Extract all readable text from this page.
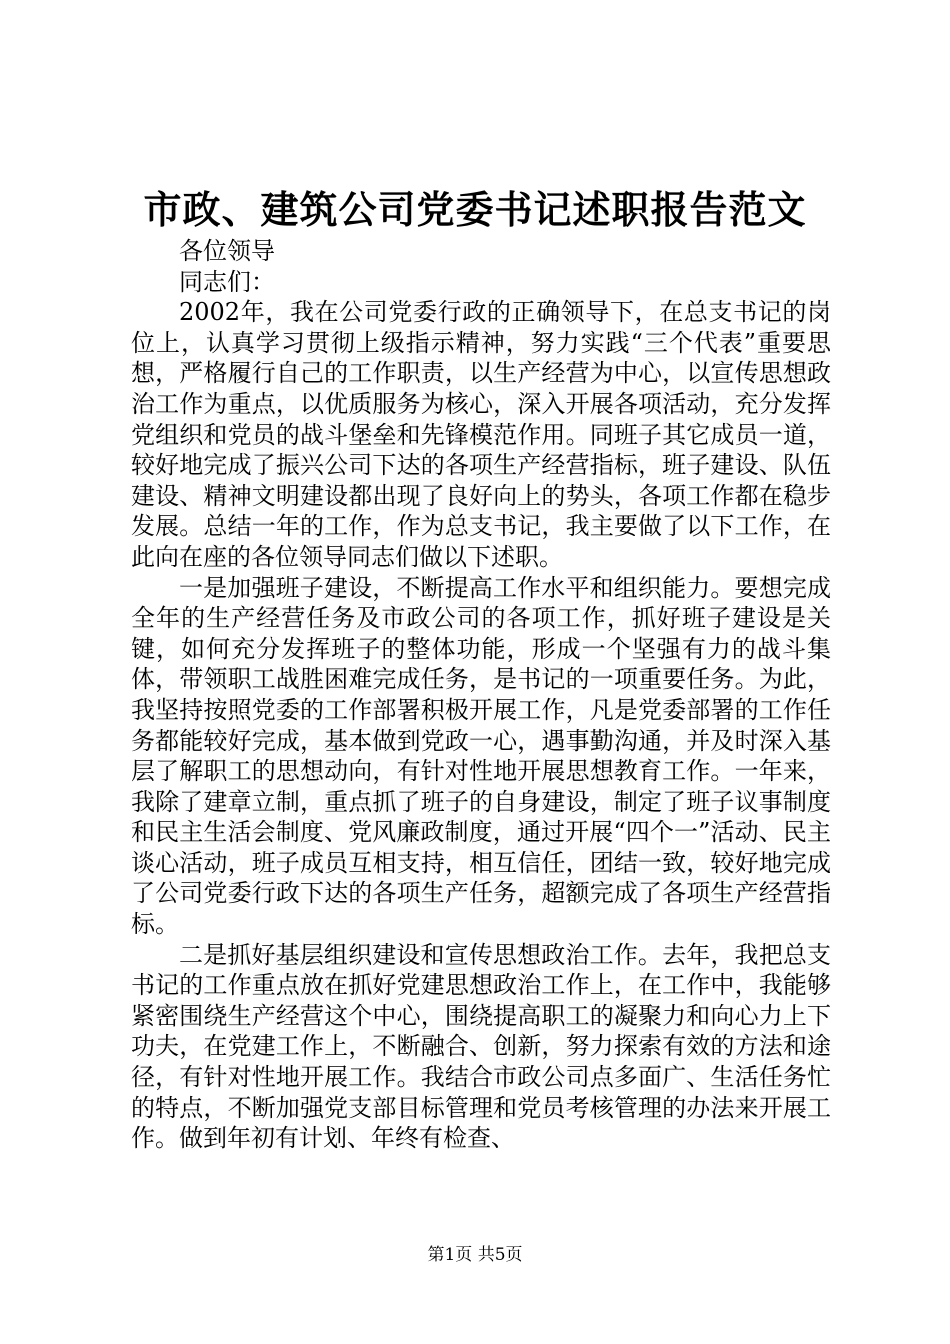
市政、建筑公司党委书记述职报告范文

各位领导

同志们：

2002年，我在公司党委行政的正确领导下，在总支书记的岗位上，认真学习贯彻上级指示精神，努力实践“三个代表”重要思想，严格履行自己的工作职责，以生产经营为中心，以宣传思想政治工作为重点，以优质服务为核心，深入开展各项活动，充分发挥党组织和党员的战斗堡垒和先锋模范作用。同班子其它成员一道，较好地完成了振兴公司下达的各项生产经营指标，班子建设、队伍建设、精神文明建设都出现了良好向上的势头，各项工作都在稳步发展。总结一年的工作，作为总支书记，我主要做了以下工作，在此向在座的各位领导同志们做以下述职。

一是加强班子建设，不断提高工作水平和组织能力。要想完成全年的生产经营任务及市政公司的各项工作，抓好班子建设是关键，如何充分发挥班子的整体功能，形成一个坚强有力的战斗集体，带领职工战胜困难完成任务，是书记的一项重要任务。为此，我坚持按照党委的工作部署积极开展工作，凡是党委部署的工作任务都能较好完成，基本做到党政一心，遇事勤沟通，并及时深入基层了解职工的思想动向，有针对性地开展思想教育工作。一年来，我除了建章立制，重点抓了班子的自身建设，制定了班子议事制度和民主生活会制度、党风廉政制度，通过开展“四个一”活动、民主谈心活动，班子成员互相支持，相互信任，团结一致，较好地完成了公司党委行政下达的各项生产任务，超额完成了各项生产经营指标。

二是抓好基层组织建设和宣传思想政治工作。去年，我把总支书记的工作重点放在抓好党建思想政治工作上，在工作中，我能够紧密围绕生产经营这个中心，围绕提高职工的凝聚力和向心力上下功夫，在党建工作上，不断融合、创新，努力探索有效的方法和途径，有针对性地开展工作。我结合市政公司点多面广、生活任务忙的特点，不断加强党支部目标管理和党员考核管理的办法来开展工作。做到年初有计划、年终有检查、

第1页 共5页
